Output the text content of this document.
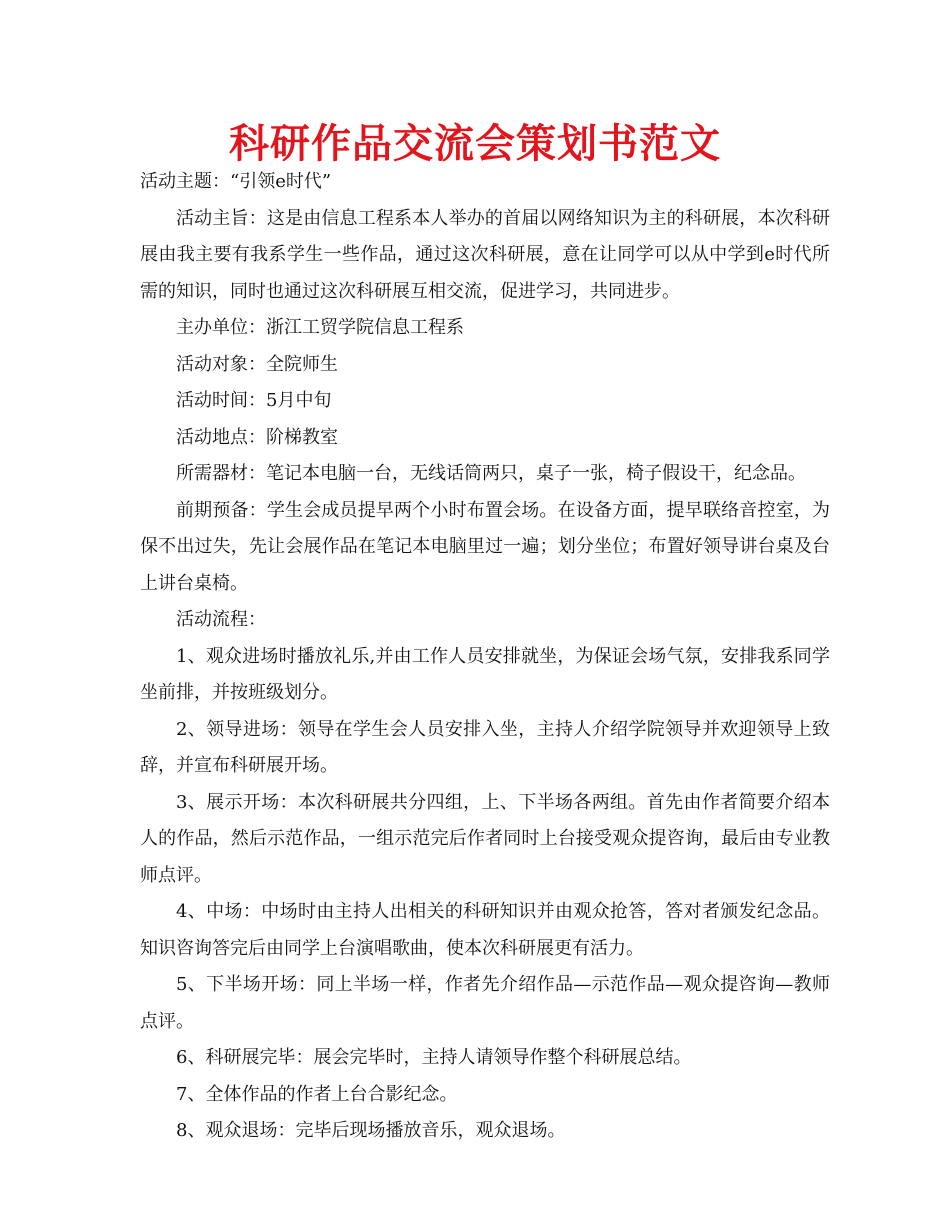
科研作品交流会策划书范文

活动主题：“引领e时代”

活动主旨：这是由信息工程系本人举办的首届以网络知识为主的科研展，本次科研展由我主要有我系学生一些作品，通过这次科研展，意在让同学可以从中学到e时代所需的知识，同时也通过这次科研展互相交流，促进学习，共同进步。

主办单位：浙江工贸学院信息工程系

活动对象：全院师生

活动时间：5月中旬

活动地点：阶梯教室

所需器材：笔记本电脑一台，无线话筒两只，桌子一张，椅子假设干，纪念品。

前期预备：学生会成员提早两个小时布置会场。在设备方面，提早联络音控室，为保不出过失，先让会展作品在笔记本电脑里过一遍；划分坐位；布置好领导讲台桌及台上讲台桌椅。

活动流程：

1、观众进场时播放礼乐,并由工作人员安排就坐，为保证会场气氛，安排我系同学坐前排，并按班级划分。

2、领导进场：领导在学生会人员安排入坐，主持人介绍学院领导并欢迎领导上致辞，并宣布科研展开场。

3、展示开场：本次科研展共分四组，上、下半场各两组。首先由作者简要介绍本人的作品，然后示范作品，一组示范完后作者同时上台接受观众提咨询，最后由专业教师点评。

4、中场：中场时由主持人出相关的科研知识并由观众抢答，答对者颁发纪念品。知识咨询答完后由同学上台演唱歌曲，使本次科研展更有活力。

5、下半场开场：同上半场一样，作者先介绍作品—示范作品—观众提咨询—教师点评。

6、科研展完毕：展会完毕时，主持人请领导作整个科研展总结。

7、全体作品的作者上台合影纪念。

8、观众退场：完毕后现场播放音乐，观众退场。
